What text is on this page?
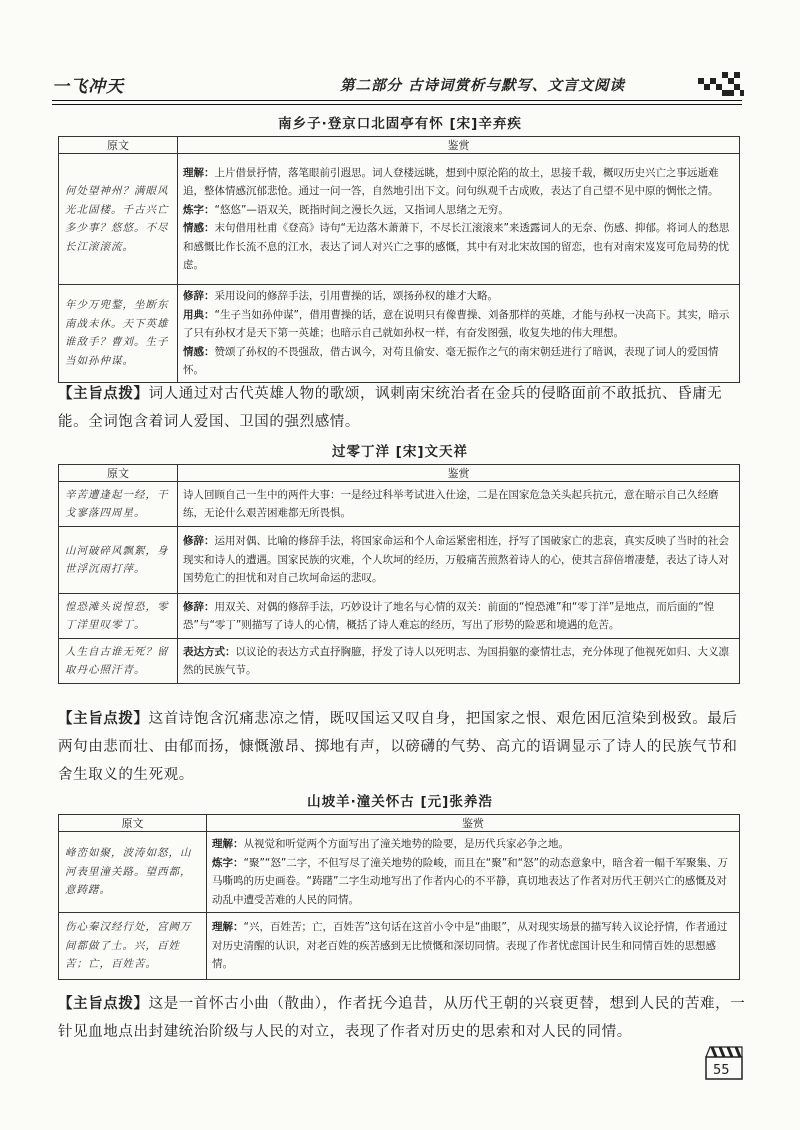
一飞冲天	第二部分 古诗词赏析与默写、文言文阅读
南乡子·登京口北固亭有怀 [宋]辛弃疾
原文	鉴赏
何处望神州？满眼风光北固楼。千古兴亡多少事？悠悠。不尽长江滚滚流。	理解：上片借景抒情，落笔眼前引遐思。词人登楼远眺，想到中原沦陷的故土，思接千载，概叹历史兴亡之事远逝难追，整体情感沉郁悲怆。通过一问一答，自然地引出下文。问句纵观千古成败，表达了自己望不见中原的惆怅之情。

炼字：“悠悠”—语双关，既指时间之漫长久远，又指词人思绪之无穷。

情感：末句借用杜甫《登高》诗句“无边落木萧萧下，不尽长江滚滚来”来透露词人的无奈、伤感、抑郁。将词人的愁思和感慨比作长流不息的江水，表达了词人对兴亡之事的感慨，其中有对北宋故国的留恋，也有对南宋岌岌可危局势的忧虑。

年少万兜鍪，坐断东南战未休。天下英雄谁敌手？曹刘。生子当如孙仲谋。	修辞：采用设问的修辞手法，引用曹操的话，颂扬孙权的雄才大略。

用典：“生子当如孙仲谋”，借用曹操的话，意在说明只有像曹操、刘备那样的英雄，才能与孙权一决高下。其实，暗示了只有孙权才是天下第一英雄；也暗示自己就如孙权一样，有奋发图强，收复失地的伟大理想。

情感：赞颂了孙权的不畏强敌，借古讽今，对苟且偷安、毫无振作之气的南宋朝廷进行了暗讽，表现了词人的爱国情怀。

【主旨点拨】词人通过对古代英雄人物的歌颂，讽刺南宋统治者在金兵的侵略面前不敢抵抗、昏庸无能。全词饱含着词人爱国、卫国的强烈感情。
过零丁洋 [宋]文天祥
原文	鉴赏
辛苦遭逢起一经，干戈寥落四周星。	诗人回顾自己一生中的两件大事：一是经过科举考试进入仕途，二是在国家危急关头起兵抗元，意在暗示自己久经磨练，无论什么艰苦困难都无所畏惧。

山河破碎风飘絮，身世浮沉雨打萍。	修辞：运用对偶、比喻的修辞手法，将国家命运和个人命运紧密相连，抒写了国破家亡的悲哀，真实反映了当时的社会现实和诗人的遭遇。国家民族的灾难，个人坎坷的经历，万般痛苦煎熬着诗人的心，使其言辞倍增凄楚，表达了诗人对国势危亡的担忧和对自己坎坷命运的悲叹。

惶恐滩头说惶恐，零丁洋里叹零丁。	修辞：用双关、对偶的修辞手法，巧妙设计了地名与心情的双关：前面的“惶恐滩”和“零丁洋”是地点，而后面的“惶恐”与“零丁”则描写了诗人的心情，概括了诗人难忘的经历，写出了形势的险恶和境遇的危苦。

人生自古谁无死？留取丹心照汗青。	表达方式：以议论的表达方式直抒胸臆，抒发了诗人以死明志、为国捐躯的豪情壮志，充分体现了他视死如归、大义凛然的民族气节。

【主旨点拨】这首诗饱含沉痛悲凉之情，既叹国运又叹自身，把国家之恨、艰危困厄渲染到极致。最后两句由悲而壮、由郁而扬，慷慨激昂、掷地有声，以磅礴的气势、高亢的语调显示了诗人的民族气节和舍生取义的生死观。
山坡羊·潼关怀古 [元]张养浩
原文	鉴赏
峰峦如聚，波涛如怒，山河表里潼关路。望西都，意踌躇。	理解：从视觉和听觉两个方面写出了潼关地势的险要，是历代兵家必争之地。

炼字：“聚”“怒”二字，不但写尽了潼关地势的险峻，而且在“聚”和“怒”的动态意象中，暗含着一幅千军聚集、万马嘶鸣的历史画卷。“踌躇”二字生动地写出了作者内心的不平静，真切地表达了作者对历代王朝兴亡的感慨及对动乱中遭受苦难的人民的同情。

伤心秦汉经行处，宫阙万间都做了土。兴，百姓苦；亡，百姓苦。	理解：“兴，百姓苦；亡，百姓苦”这句话在这首小令中是“曲眼”，从对现实场景的描写转入议论抒情，作者通过对历史清醒的认识，对老百姓的疾苦感到无比愤慨和深切同情。表现了作者忧虑国计民生和同情百姓的思想感情。

【主旨点拨】这是一首怀古小曲（散曲），作者抚今追昔，从历代王朝的兴衰更替，想到人民的苦难，一针见血地点出封建统治阶级与人民的对立，表现了作者对历史的思索和对人民的同情。
55
